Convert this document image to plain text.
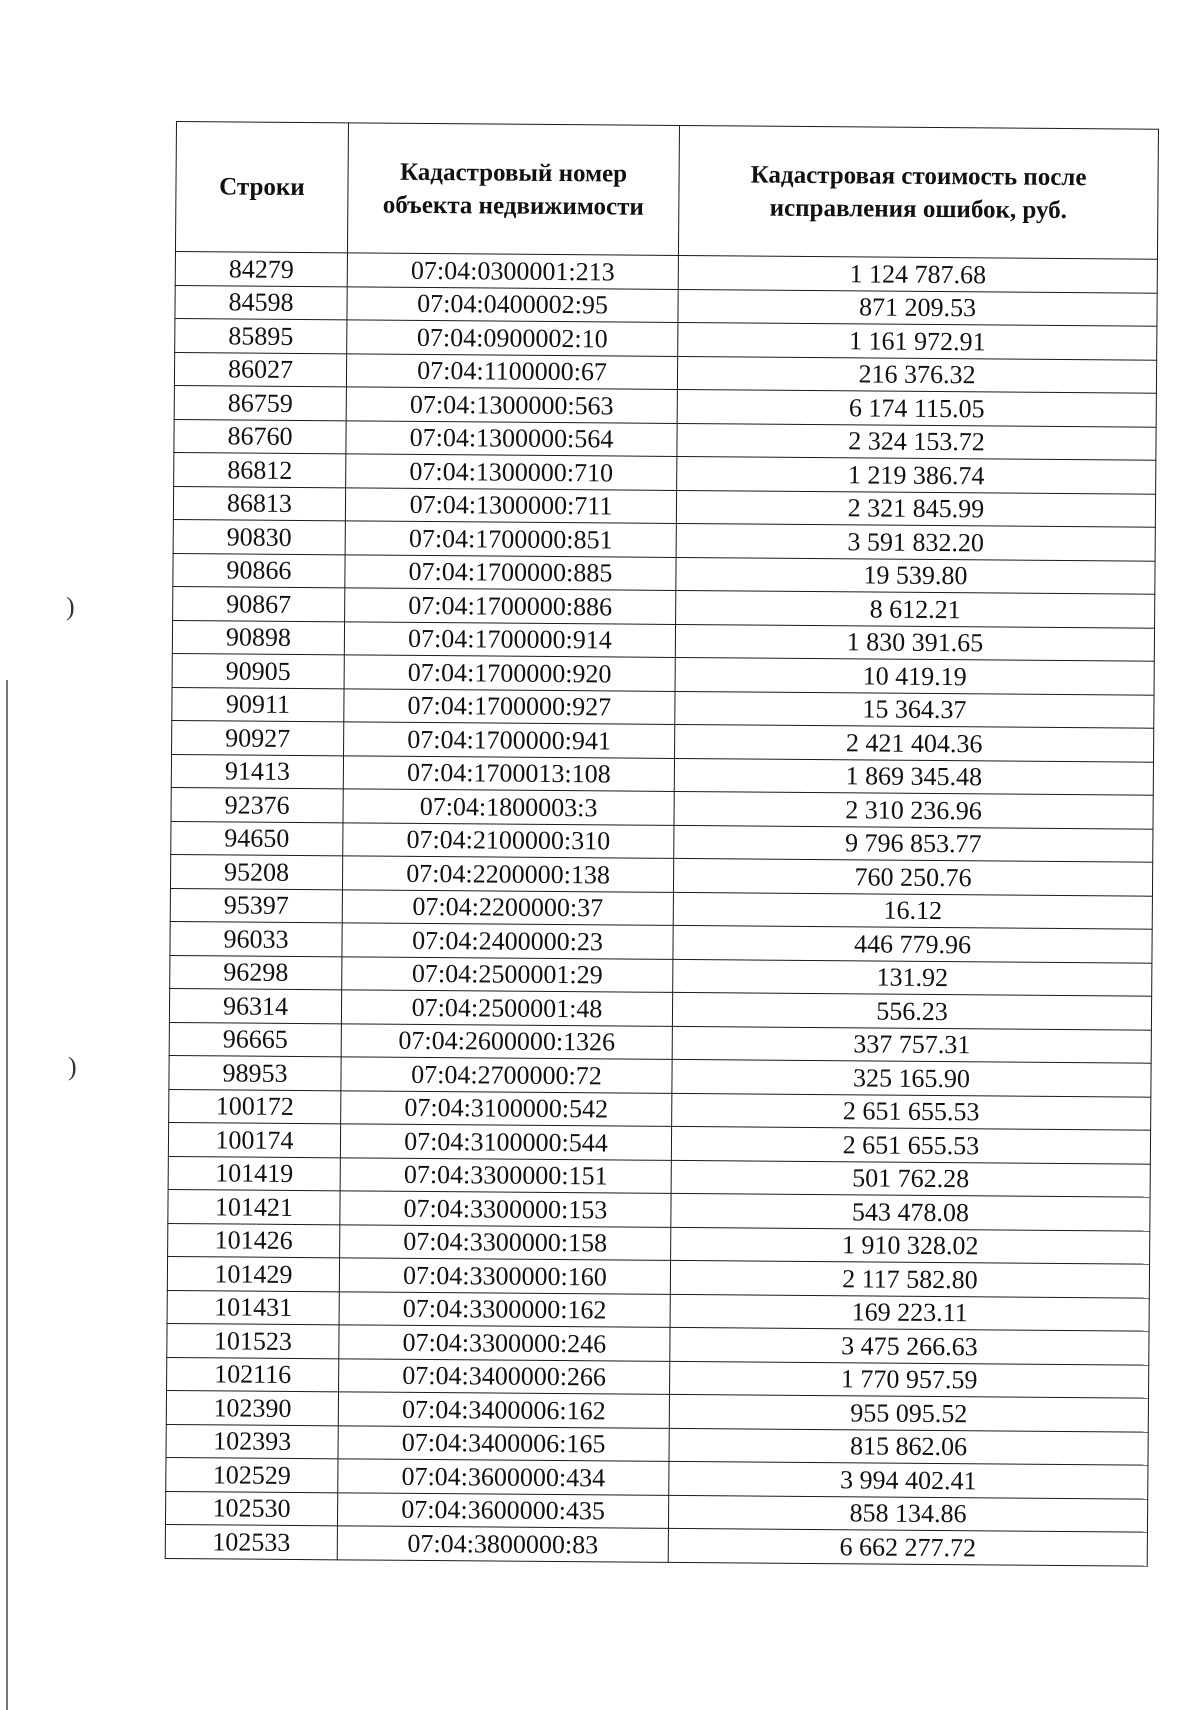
)
)
Строки	Кадастровый номер объекта недвижимости	Кадастровая стоимость после исправления ошибок, руб.
84279	07:04:0300001:213	1 124 787.68
84598	07:04:0400002:95	871 209.53
85895	07:04:0900002:10	1 161 972.91
86027	07:04:1100000:67	216 376.32
86759	07:04:1300000:563	6 174 115.05
86760	07:04:1300000:564	2 324 153.72
86812	07:04:1300000:710	1 219 386.74
86813	07:04:1300000:711	2 321 845.99
90830	07:04:1700000:851	3 591 832.20
90866	07:04:1700000:885	19 539.80
90867	07:04:1700000:886	8 612.21
90898	07:04:1700000:914	1 830 391.65
90905	07:04:1700000:920	10 419.19
90911	07:04:1700000:927	15 364.37
90927	07:04:1700000:941	2 421 404.36
91413	07:04:1700013:108	1 869 345.48
92376	07:04:1800003:3	2 310 236.96
94650	07:04:2100000:310	9 796 853.77
95208	07:04:2200000:138	760 250.76
95397	07:04:2200000:37	16.12
96033	07:04:2400000:23	446 779.96
96298	07:04:2500001:29	131.92
96314	07:04:2500001:48	556.23
96665	07:04:2600000:1326	337 757.31
98953	07:04:2700000:72	325 165.90
100172	07:04:3100000:542	2 651 655.53
100174	07:04:3100000:544	2 651 655.53
101419	07:04:3300000:151	501 762.28
101421	07:04:3300000:153	543 478.08
101426	07:04:3300000:158	1 910 328.02
101429	07:04:3300000:160	2 117 582.80
101431	07:04:3300000:162	169 223.11
101523	07:04:3300000:246	3 475 266.63
102116	07:04:3400000:266	1 770 957.59
102390	07:04:3400006:162	955 095.52
102393	07:04:3400006:165	815 862.06
102529	07:04:3600000:434	3 994 402.41
102530	07:04:3600000:435	858 134.86
102533	07:04:3800000:83	6 662 277.72
